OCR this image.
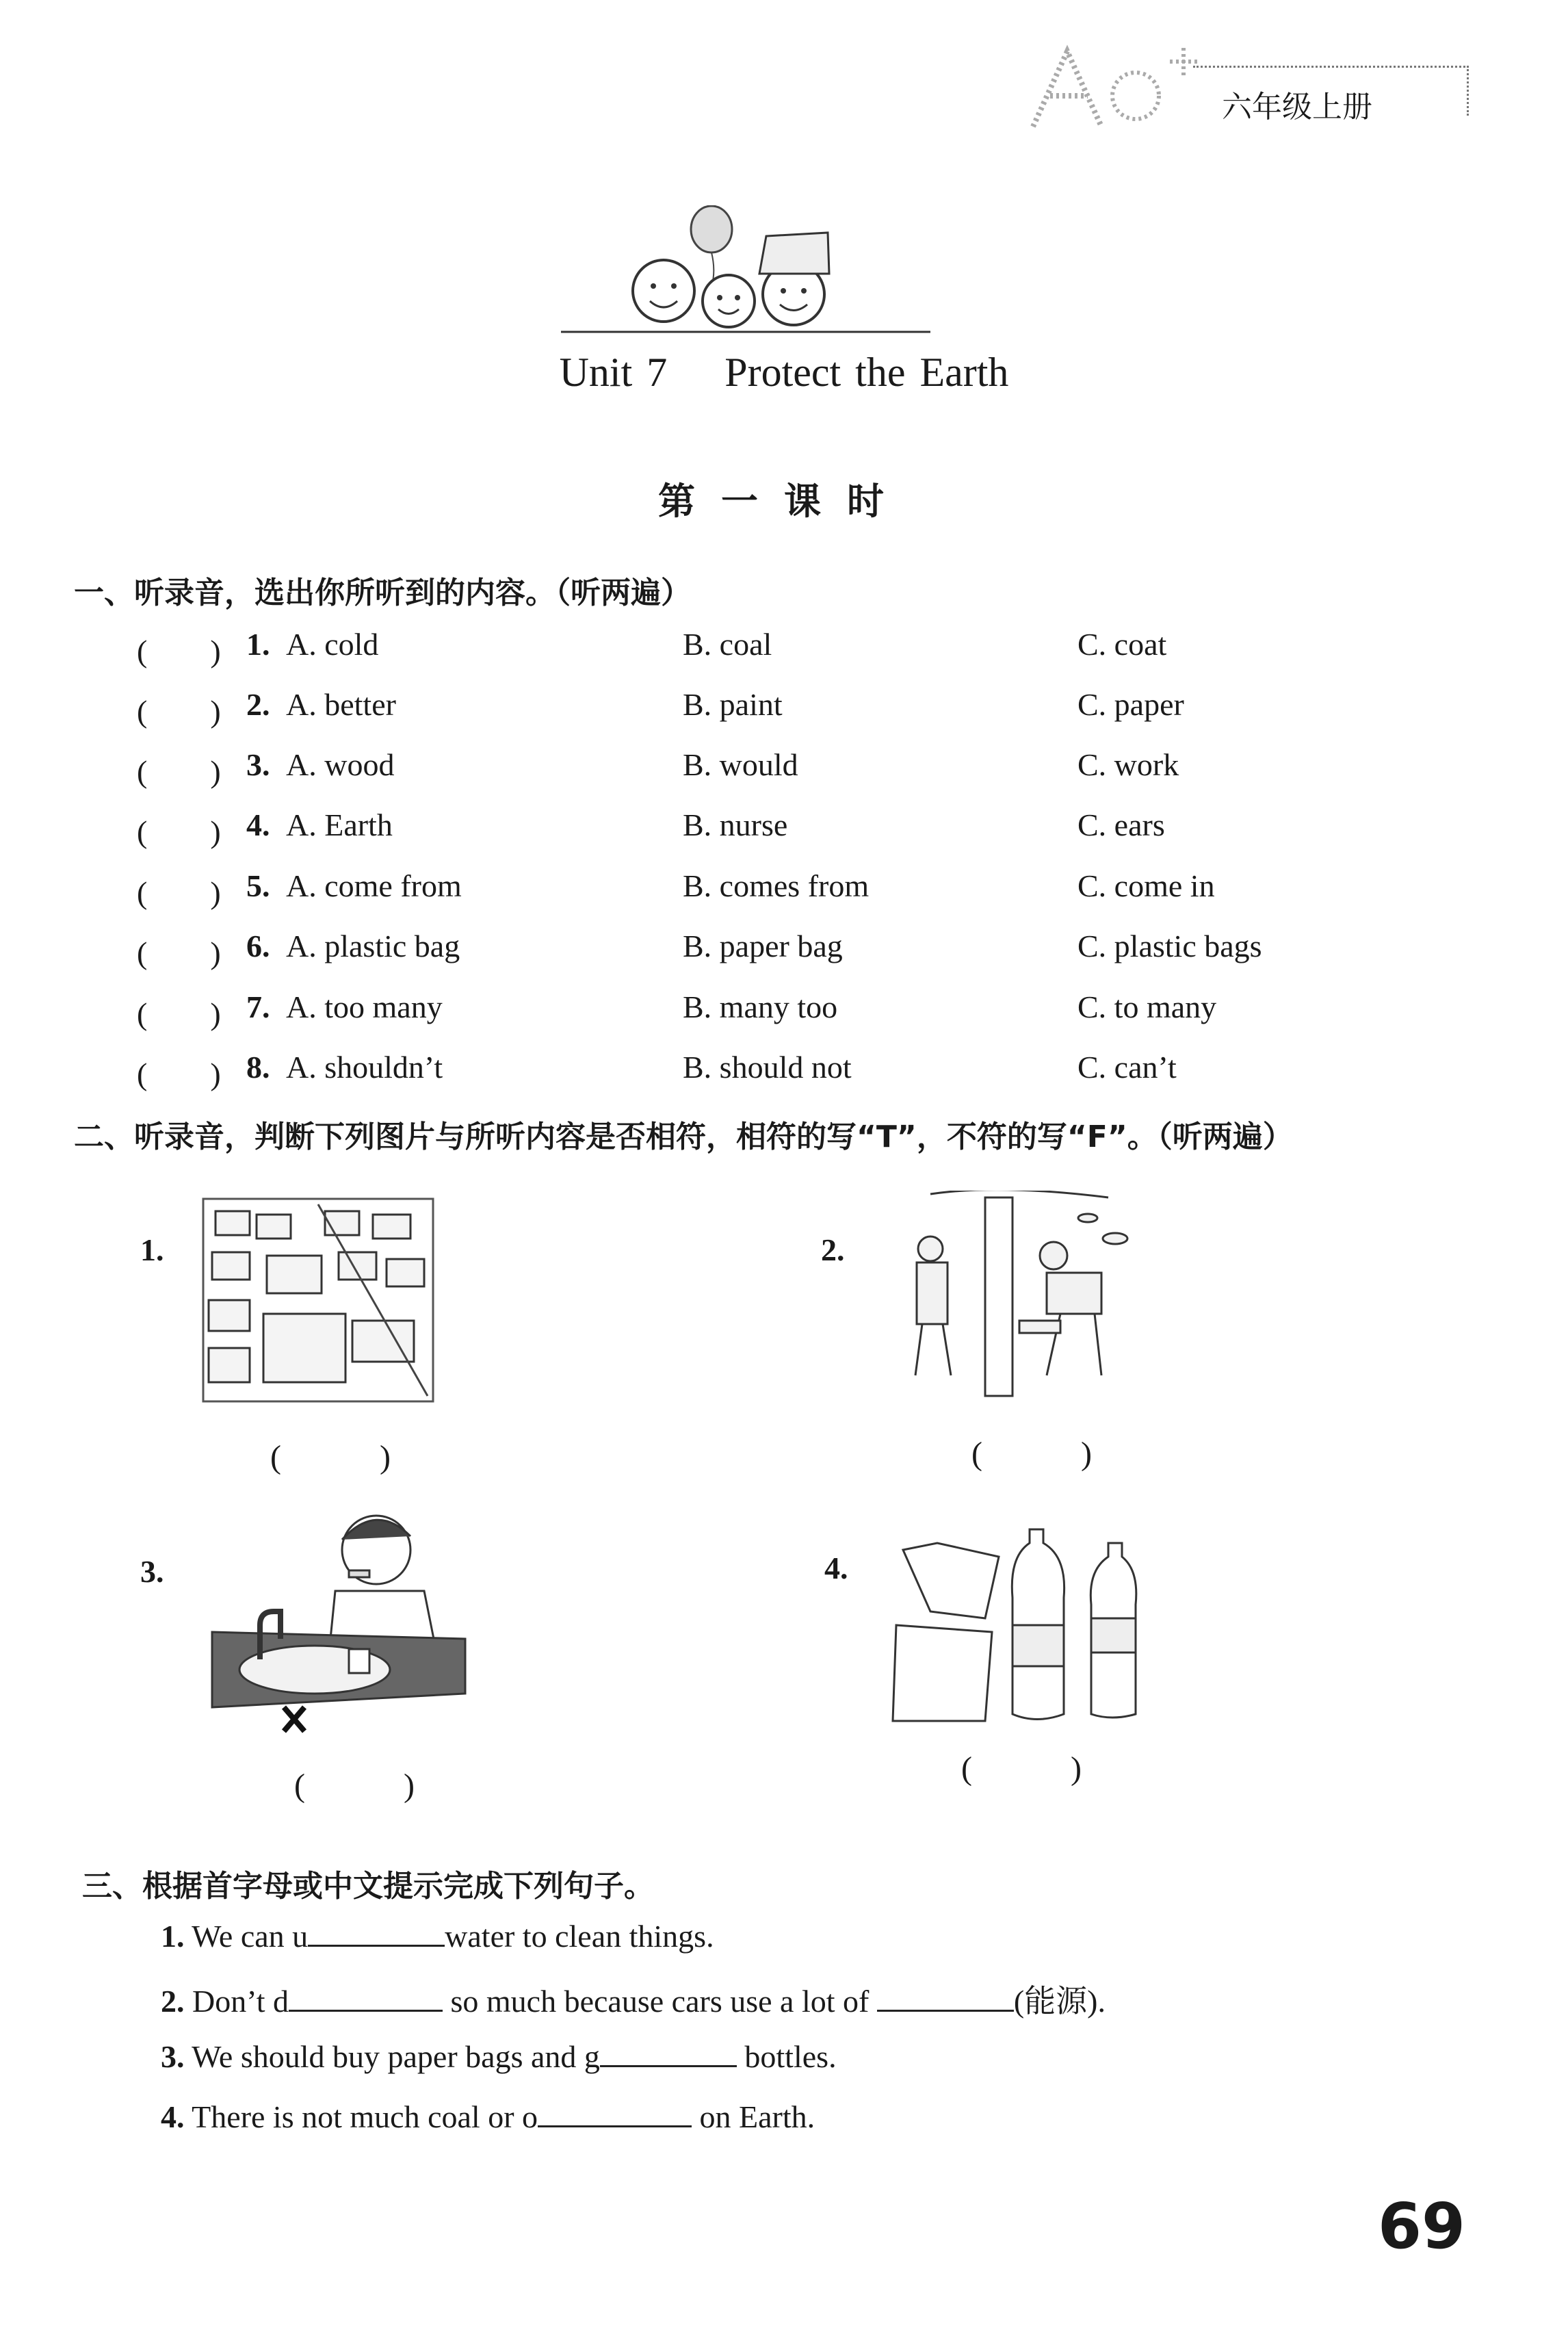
六年级上册
Unit 7 Protect the Earth
第一课时
一、听录音，选出你所听到的内容。（听两遍）
(　　) 1. A. cold	B. coal	C. coat
(　　) 2. A. better	B. paint	C. paper
(　　) 3. A. wood	B. would	C. work
(　　) 4. A. Earth	B. nurse	C. ears
(　　) 5. A. come from	B. comes from	C. come in
(　　) 6. A. plastic bag	B. paper bag	C. plastic bags
(　　) 7. A. too many	B. many too	C. to many
(　　) 8. A. shouldn’t	B. should not	C. can’t
二、听录音，判断下列图片与所听内容是否相符，相符的写“T”，不符的写“F”。（听两遍）
1.
(　)
2.
(　)
3.
(　)
4.
(　)
三、根据首字母或中文提示完成下列句子。
1. We can u	water to clean things.
2. Don’t d	so much because cars use a lot of	(能源).
3. We should buy paper bags and g	bottles.
4. There is not much coal or o	on Earth.
69
